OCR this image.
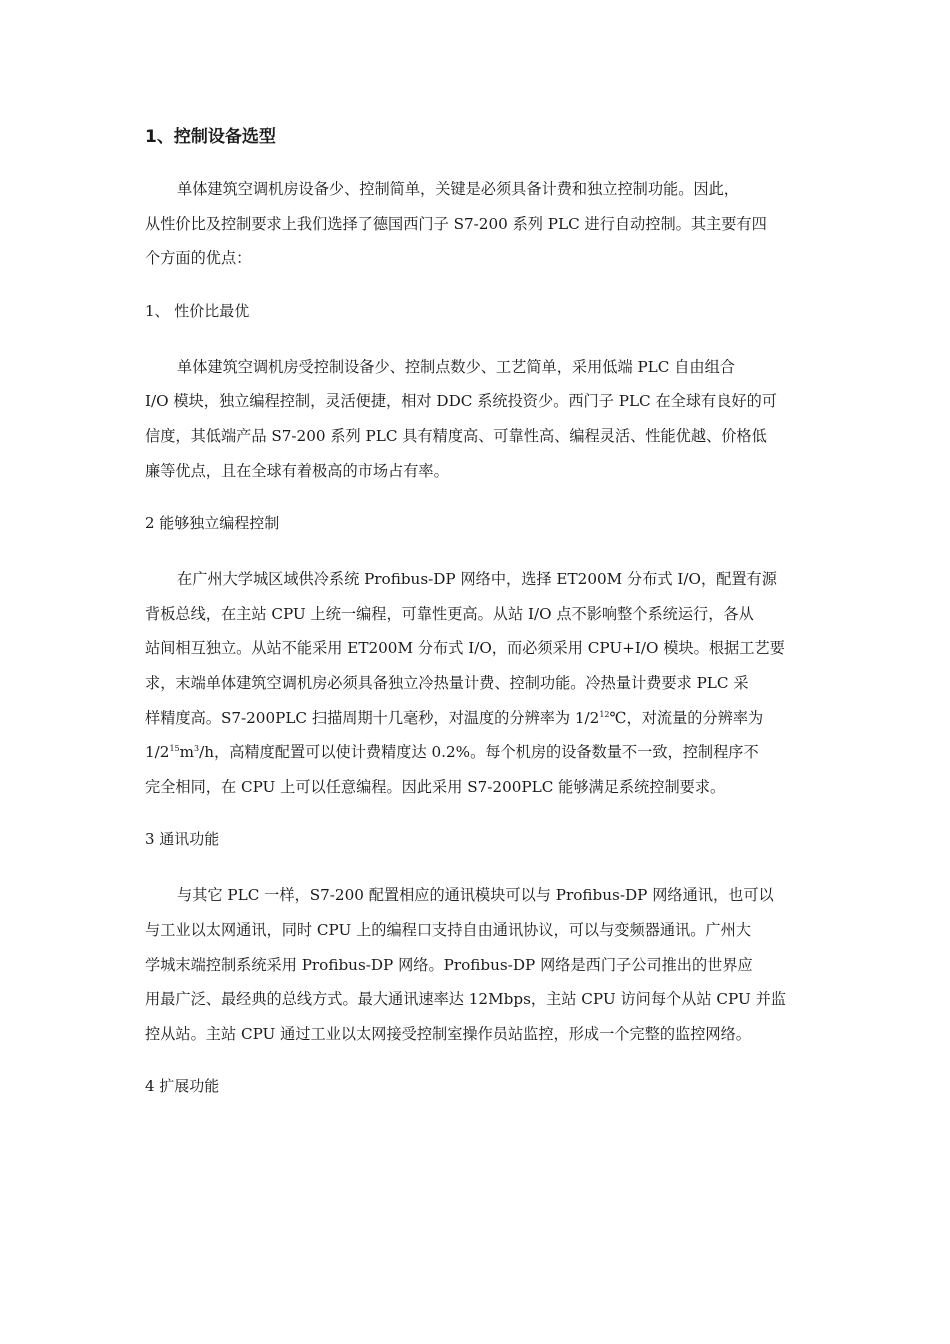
1、控制设备选型

单体建筑空调机房设备少、控制简单，关键是必须具备计费和独立控制功能。因此，
从性价比及控制要求上我们选择了德国西门子 S7-200 系列 PLC 进行自动控制。其主要有四
个方面的优点：

1、 性价比最优

单体建筑空调机房受控制设备少、控制点数少、工艺简单，采用低端 PLC 自由组合
I/O 模块，独立编程控制，灵活便捷，相对 DDC 系统投资少。西门子 PLC 在全球有良好的可
信度，其低端产品 S7-200 系列 PLC 具有精度高、可靠性高、编程灵活、性能优越、价格低
廉等优点，且在全球有着极高的市场占有率。

2 能够独立编程控制

在广州大学城区域供冷系统 Profibus-DP 网络中，选择 ET200M 分布式 I/O，配置有源
背板总线，在主站 CPU 上统一编程，可靠性更高。从站 I/O 点不影响整个系统运行，各从
站间相互独立。从站不能采用 ET200M 分布式 I/O，而必须采用 CPU+I/O 模块。根据工艺要
求，末端单体建筑空调机房必须具备独立冷热量计费、控制功能。冷热量计费要求 PLC 采
样精度高。S7-200PLC 扫描周期十几毫秒，对温度的分辨率为 $1/2^{12}℃$，对流量的分辨率为
$1/2^{15}m^3/h$，高精度配置可以使计费精度达 0.2%。每个机房的设备数量不一致，控制程序不
完全相同，在 CPU 上可以任意编程。因此采用 S7-200PLC 能够满足系统控制要求。

3 通讯功能

与其它 PLC 一样，S7-200 配置相应的通讯模块可以与 Profibus-DP 网络通讯，也可以
与工业以太网通讯，同时 CPU 上的编程口支持自由通讯协议，可以与变频器通讯。广州大
学城末端控制系统采用 Profibus-DP 网络。Profibus-DP 网络是西门子公司推出的世界应
用最广泛、最经典的总线方式。最大通讯速率达 12Mbps，主站 CPU 访问每个从站 CPU 并监
控从站。主站 CPU 通过工业以太网接受控制室操作员站监控，形成一个完整的监控网络。

4 扩展功能
